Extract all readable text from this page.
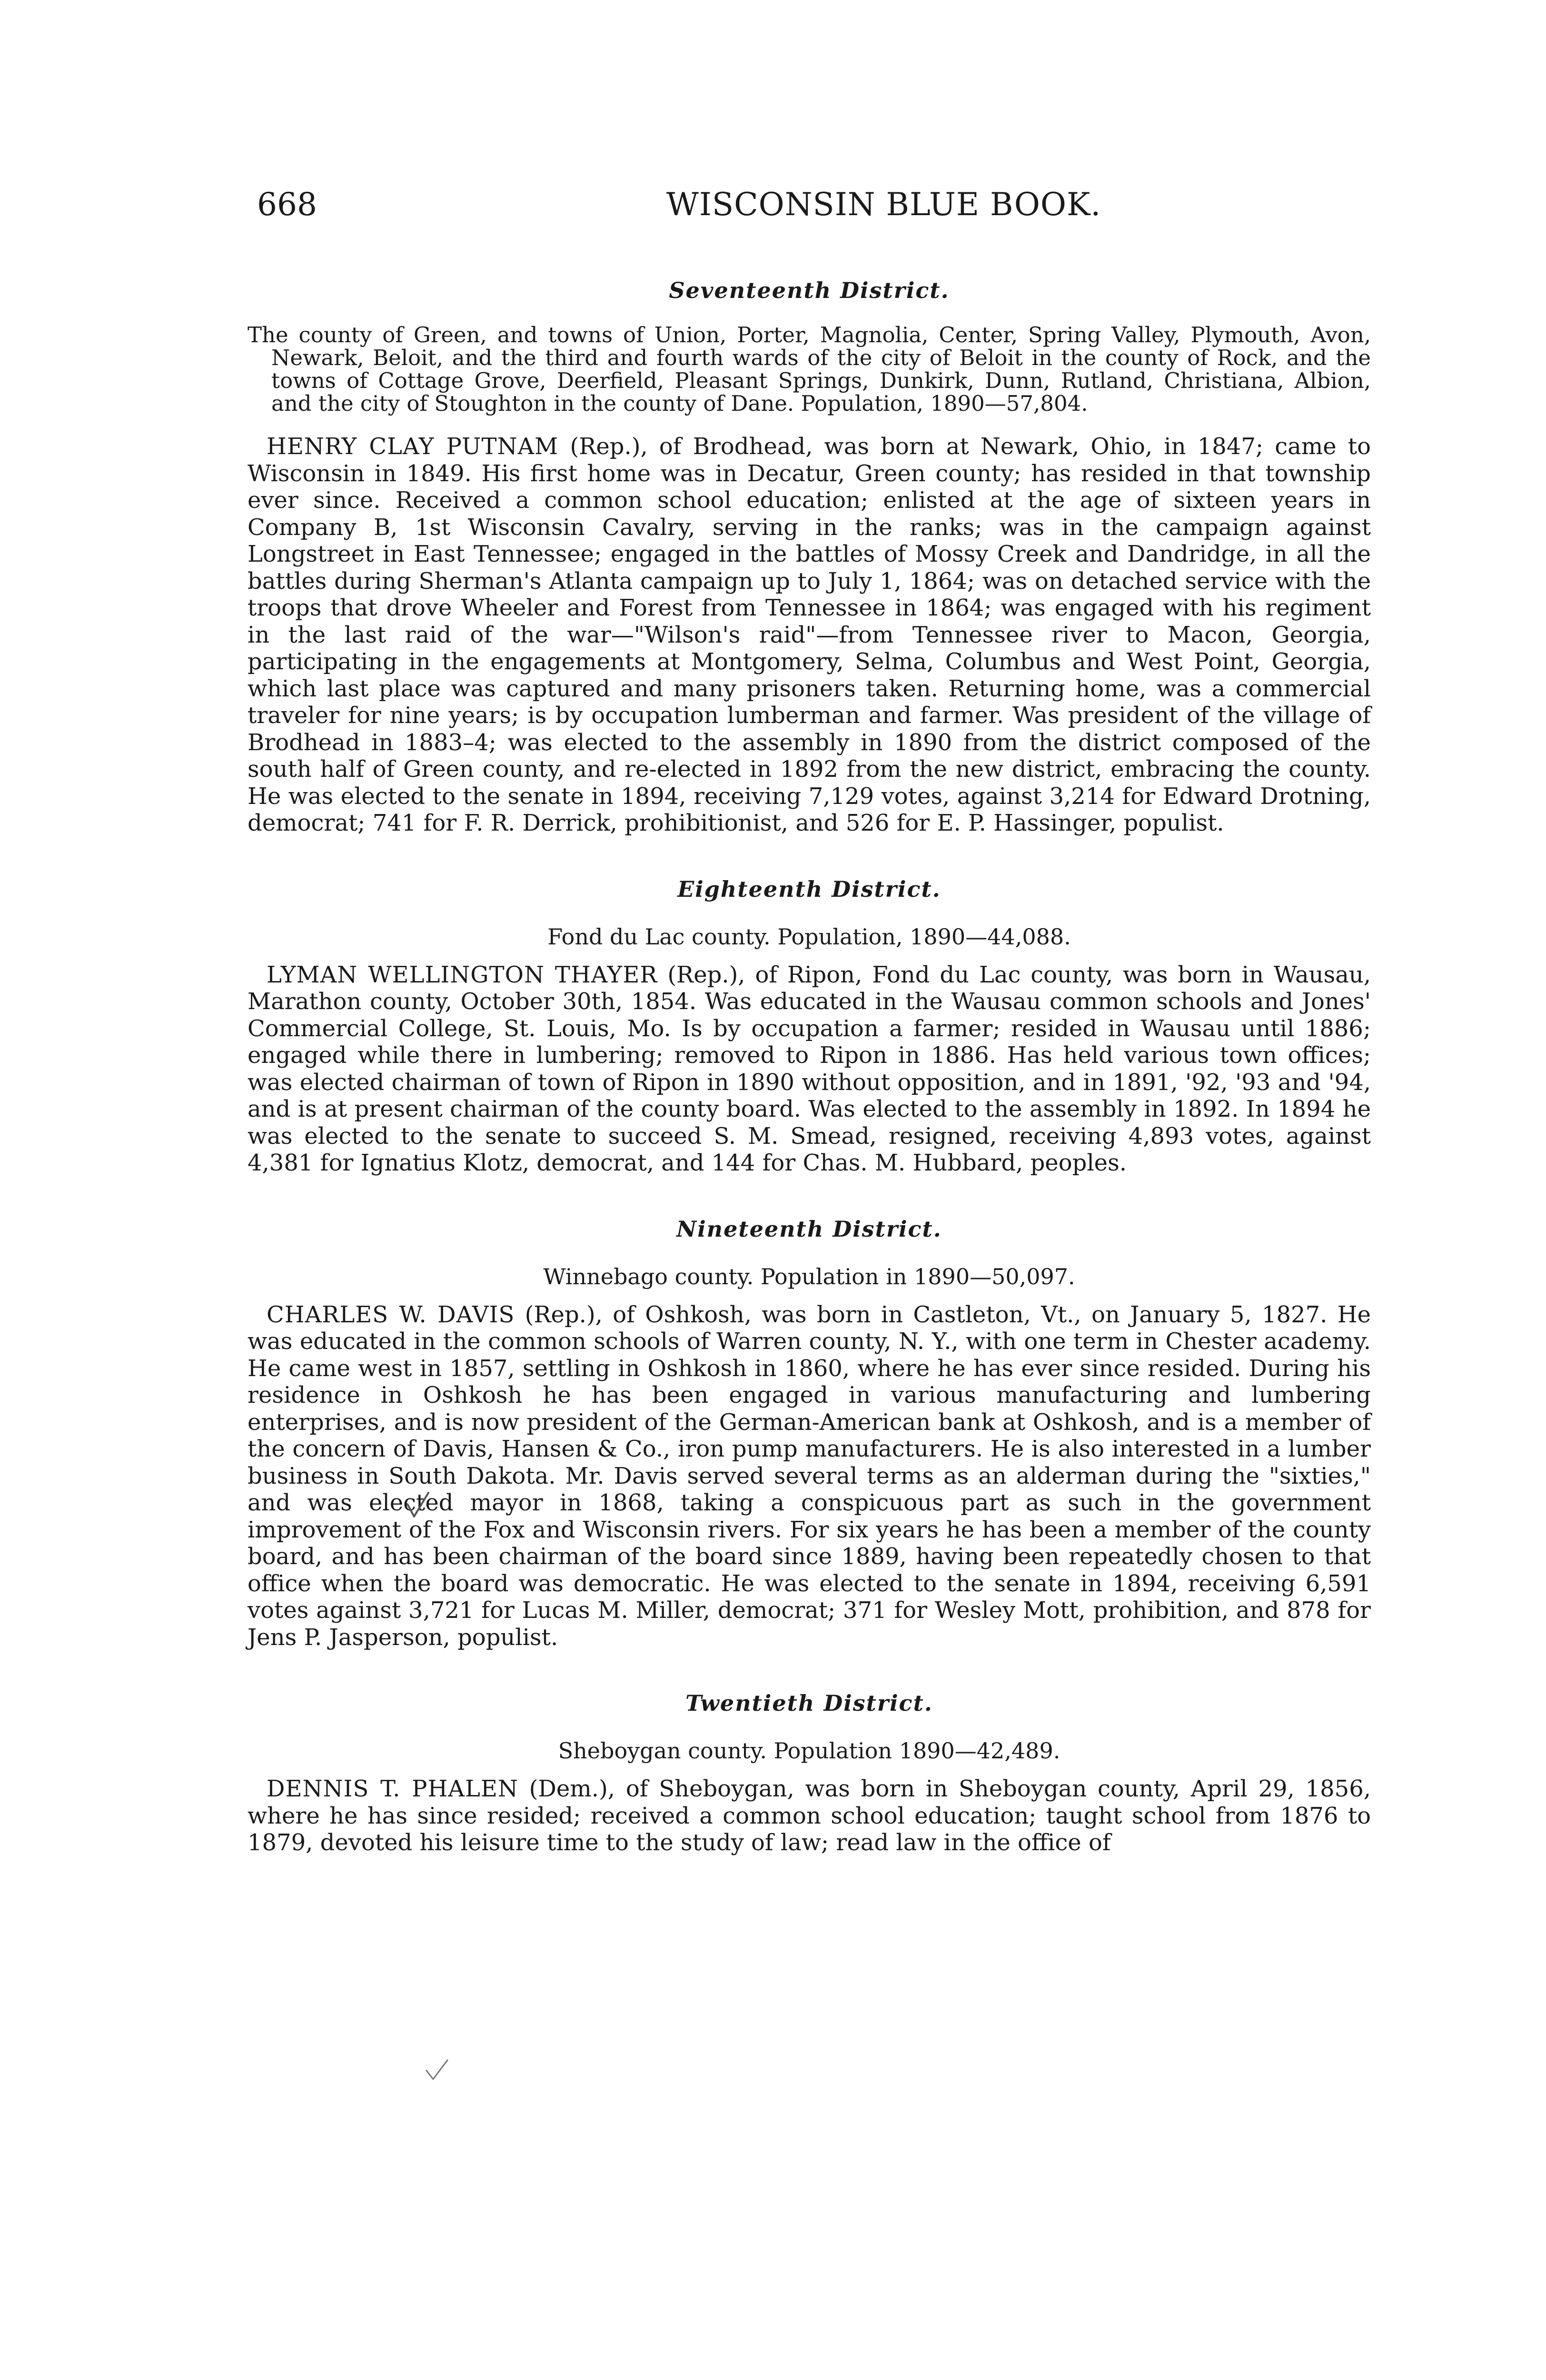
668	WISCONSIN BLUE BOOK.

Seventeenth District.

The county of Green, and towns of Union, Porter, Magnolia, Center, Spring Valley, Plymouth, Avon, Newark, Beloit, and the third and fourth wards of the city of Beloit in the county of Rock, and the towns of Cottage Grove, Deerfield, Pleasant Springs, Dunkirk, Dunn, Rutland, Christiana, Albion, and the city of Stoughton in the county of Dane. Population, 1890—57,804.

HENRY CLAY PUTNAM (Rep.), of Brodhead, was born at Newark, Ohio, in 1847; came to Wisconsin in 1849. His first home was in Decatur, Green county; has resided in that township ever since. Received a common school education; enlisted at the age of sixteen years in Company B, 1st Wisconsin Cavalry, serving in the ranks; was in the campaign against Longstreet in East Tennessee; engaged in the battles of Mossy Creek and Dandridge, in all the battles during Sherman's Atlanta campaign up to July 1, 1864; was on detached service with the troops that drove Wheeler and Forest from Tennessee in 1864; was engaged with his regiment in the last raid of the war—"Wilson's raid"—from Tennessee river to Macon, Georgia, participating in the engagements at Montgomery, Selma, Columbus and West Point, Georgia, which last place was captured and many prisoners taken. Returning home, was a commercial traveler for nine years; is by occupation lumberman and farmer. Was president of the village of Brodhead in 1883–4; was elected to the assembly in 1890 from the district composed of the south half of Green county, and re-elected in 1892 from the new district, embracing the county. He was elected to the senate in 1894, receiving 7,129 votes, against 3,214 for Edward Drotning, democrat; 741 for F. R. Derrick, prohibitionist, and 526 for E. P. Hassinger, populist.

Eighteenth District.

Fond du Lac county. Population, 1890—44,088.

LYMAN WELLINGTON THAYER (Rep.), of Ripon, Fond du Lac county, was born in Wausau, Marathon county, October 30th, 1854. Was educated in the Wausau common schools and Jones' Commercial College, St. Louis, Mo. Is by occupation a farmer; resided in Wausau until 1886; engaged while there in lumbering; removed to Ripon in 1886. Has held various town offices; was elected chairman of town of Ripon in 1890 without opposition, and in 1891, '92, '93 and '94, and is at present chairman of the county board. Was elected to the assembly in 1892. In 1894 he was elected to the senate to succeed S. M. Smead, resigned, receiving 4,893 votes, against 4,381 for Ignatius Klotz, democrat, and 144 for Chas. M. Hubbard, peoples.

Nineteenth District.

Winnebago county. Population in 1890—50,097.

CHARLES W. DAVIS (Rep.), of Oshkosh, was born in Castleton, Vt., on January 5, 1827. He was educated in the common schools of Warren county, N. Y., with one term in Chester academy. He came west in 1857, settling in Oshkosh in 1860, where he has ever since resided. During his residence in Oshkosh he has been engaged in various manufacturing and lumbering enterprises, and is now president of the German-American bank at Oshkosh, and is a member of the concern of Davis, Hansen & Co., iron pump manufacturers. He is also interested in a lumber business in South Dakota. Mr. Davis served several terms as an alderman during the "sixties," and was elected mayor in 1868, taking a conspicuous part as such in the government improvement of the Fox and Wisconsin rivers. For six years he has been a member of the county board, and has been chairman of the board since 1889, having been repeatedly chosen to that office when the board was democratic. He was elected to the senate in 1894, receiving 6,591 votes against 3,721 for Lucas M. Miller, democrat; 371 for Wesley Mott, prohibition, and 878 for Jens P. Jasperson, populist.

Twentieth District.

Sheboygan county. Population 1890—42,489.

DENNIS T. PHALEN (Dem.), of Sheboygan, was born in Sheboygan county, April 29, 1856, where he has since resided; received a common school education; taught school from 1876 to 1879, devoted his leisure time to the study of law; read law in the office of
